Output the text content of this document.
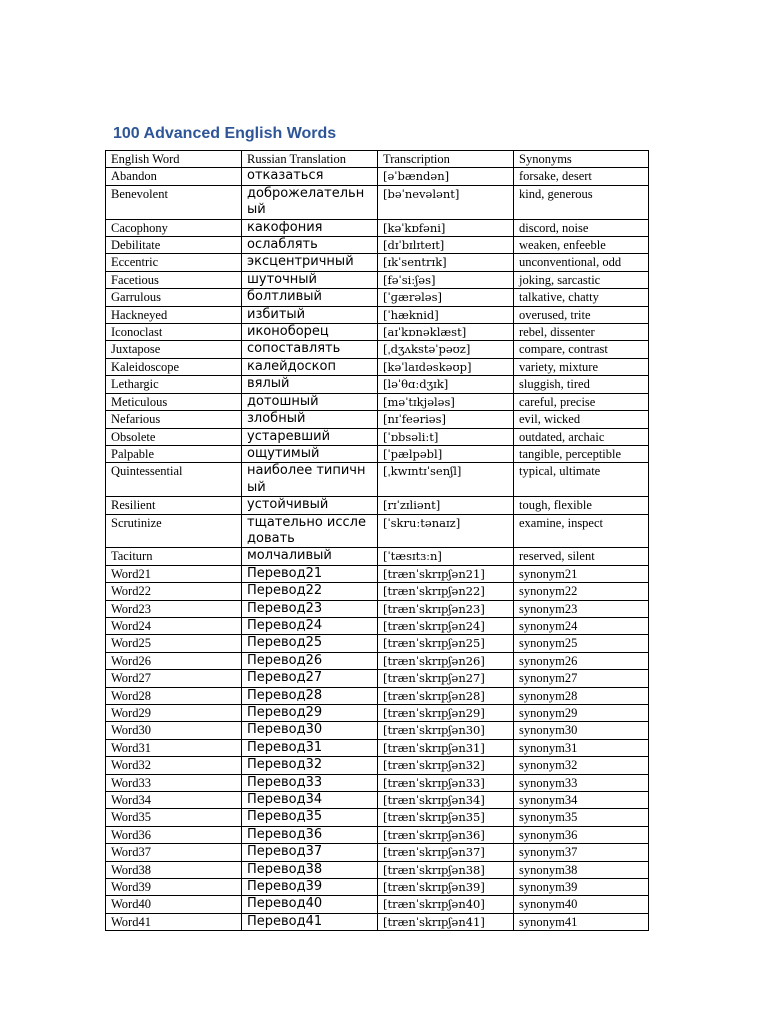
100 Advanced English Words
English Word	Russian Translation	Transcription	Synonyms
Abandon	отказаться	[əˈbændən]	forsake, desert
Benevolent	доброжелательный	[bəˈnevələnt]	kind, generous
Cacophony	какофония	[kəˈkɒfəni]	discord, noise
Debilitate	ослаблять	[dɪˈbɪlɪteɪt]	weaken, enfeeble
Eccentric	эксцентричный	[ɪkˈsentrɪk]	unconventional, odd
Facetious	шуточный	[fəˈsiːʃəs]	joking, sarcastic
Garrulous	болтливый	[ˈɡærələs]	talkative, chatty
Hackneyed	избитый	[ˈhæknid]	overused, trite
Iconoclast	иконоборец	[aɪˈkɒnəklæst]	rebel, dissenter
Juxtapose	сопоставлять	[ˌdʒʌkstəˈpəʊz]	compare, contrast
Kaleidoscope	калейдоскоп	[kəˈlaɪdəskəʊp]	variety, mixture
Lethargic	вялый	[ləˈθɑːdʒɪk]	sluggish, tired
Meticulous	дотошный	[məˈtɪkjələs]	careful, precise
Nefarious	злобный	[nɪˈfeəriəs]	evil, wicked
Obsolete	устаревший	[ˈɒbsəliːt]	outdated, archaic
Palpable	ощутимый	[ˈpælpəbl]	tangible, perceptible
Quintessential	наиболее типичный	[ˌkwɪntɪˈsenʃl]	typical, ultimate
Resilient	устойчивый	[rɪˈzɪliənt]	tough, flexible
Scrutinize	тщательно исследовать	[ˈskruːtənaɪz]	examine, inspect
Taciturn	молчаливый	[ˈtæsɪtɜːn]	reserved, silent
Word21	Перевод21	[trænˈskrɪpʃən21]	synonym21
Word22	Перевод22	[trænˈskrɪpʃən22]	synonym22
Word23	Перевод23	[trænˈskrɪpʃən23]	synonym23
Word24	Перевод24	[trænˈskrɪpʃən24]	synonym24
Word25	Перевод25	[trænˈskrɪpʃən25]	synonym25
Word26	Перевод26	[trænˈskrɪpʃən26]	synonym26
Word27	Перевод27	[trænˈskrɪpʃən27]	synonym27
Word28	Перевод28	[trænˈskrɪpʃən28]	synonym28
Word29	Перевод29	[trænˈskrɪpʃən29]	synonym29
Word30	Перевод30	[trænˈskrɪpʃən30]	synonym30
Word31	Перевод31	[trænˈskrɪpʃən31]	synonym31
Word32	Перевод32	[trænˈskrɪpʃən32]	synonym32
Word33	Перевод33	[trænˈskrɪpʃən33]	synonym33
Word34	Перевод34	[trænˈskrɪpʃən34]	synonym34
Word35	Перевод35	[trænˈskrɪpʃən35]	synonym35
Word36	Перевод36	[trænˈskrɪpʃən36]	synonym36
Word37	Перевод37	[trænˈskrɪpʃən37]	synonym37
Word38	Перевод38	[trænˈskrɪpʃən38]	synonym38
Word39	Перевод39	[trænˈskrɪpʃən39]	synonym39
Word40	Перевод40	[trænˈskrɪpʃən40]	synonym40
Word41	Перевод41	[trænˈskrɪpʃən41]	synonym41
